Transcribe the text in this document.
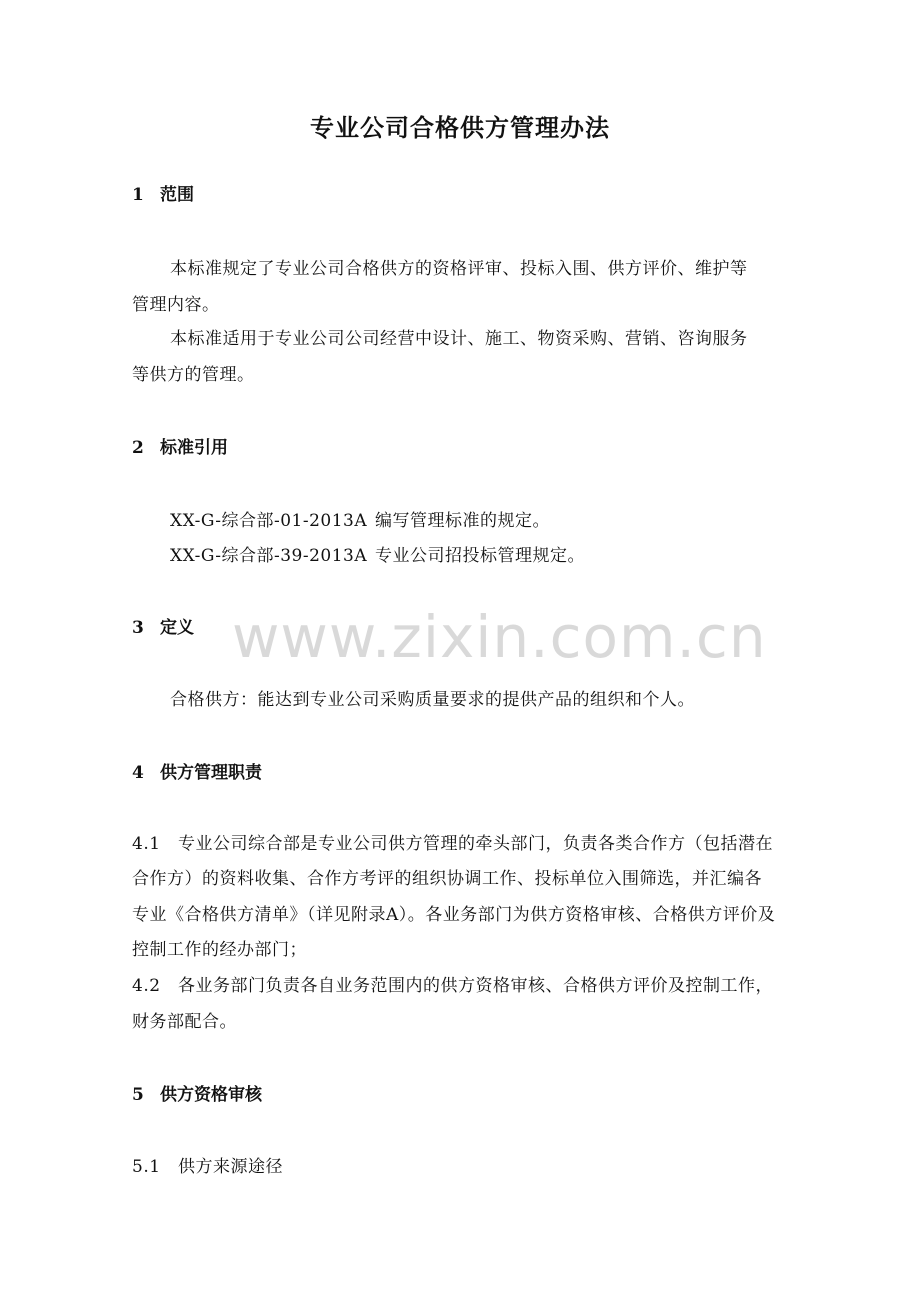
专业公司合格供方管理办法
1 范围
本标准规定了专业公司合格供方的资格评审、投标入围、供方评价、维护等
管理内容。
本标准适用于专业公司公司经营中设计、施工、物资采购、营销、咨询服务
等供方的管理。
2 标准引用
XX-G-综合部-01-2013A 编写管理标准的规定。
XX-G-综合部-39-2013A 专业公司招投标管理规定。
www.zixin.com.cn
3 定义
合格供方：能达到专业公司采购质量要求的提供产品的组织和个人。
4 供方管理职责
4.1 专业公司综合部是专业公司供方管理的牵头部门，负责各类合作方（包括潜在
合作方）的资料收集、合作方考评的组织协调工作、投标单位入围筛选，并汇编各
专业《合格供方清单》（详见附录A）。各业务部门为供方资格审核、合格供方评价及
控制工作的经办部门；
4.2 各业务部门负责各自业务范围内的供方资格审核、合格供方评价及控制工作，
财务部配合。
5 供方资格审核
5.1 供方来源途径
